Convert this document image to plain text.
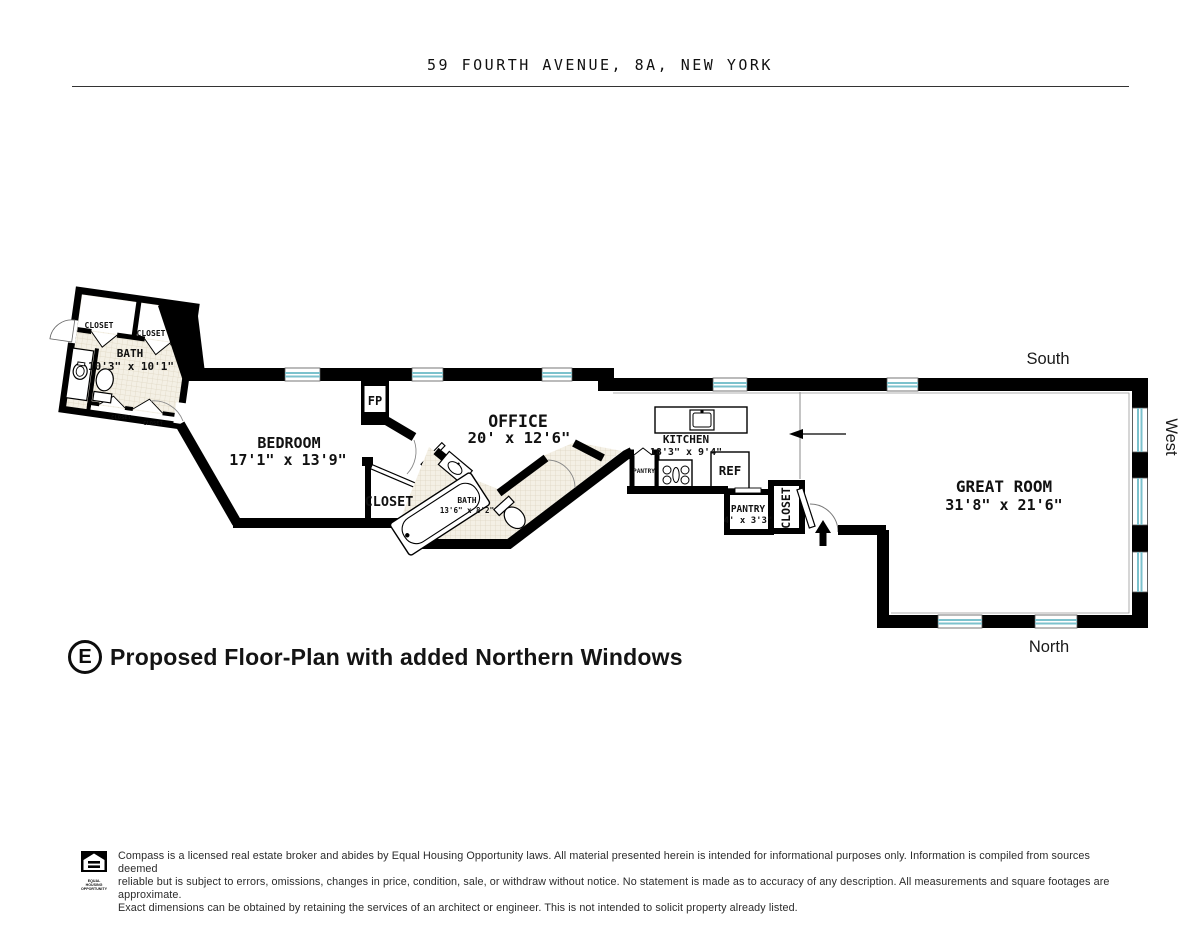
59 FOURTH AVENUE, 8A, NEW YORK
BATH
10'3" x 10'1"
CLOSET
CLOSET
CLOSET
CLOSET
BEDROOM
17'1" x 13'9"
FP
CLOSET
OFFICE
20' x 12'6"
BATH
13'6" x 8'2"
KITCHEN
18'3" x 9'4"
PANTRY	REF
PANTRY
4' x 3'3" CLOSET
GREAT ROOM
31'8" x 21'6"
South
West
North
E Proposed Floor-Plan with added Northern Windows
EQUAL HOUSING
OPPORTUNITY
Compass is a licensed real estate broker and abides by Equal Housing Opportunity laws. All material presented herein is intended for informational purposes only. Information is compiled from sources deemed
reliable but is subject to errors, omissions, changes in price, condition, sale, or withdraw without notice. No statement is made as to accuracy of any description. All measurements and square footages are approximate.
Exact dimensions can be obtained by retaining the services of an architect or engineer. This is not intended to solicit property already listed.
